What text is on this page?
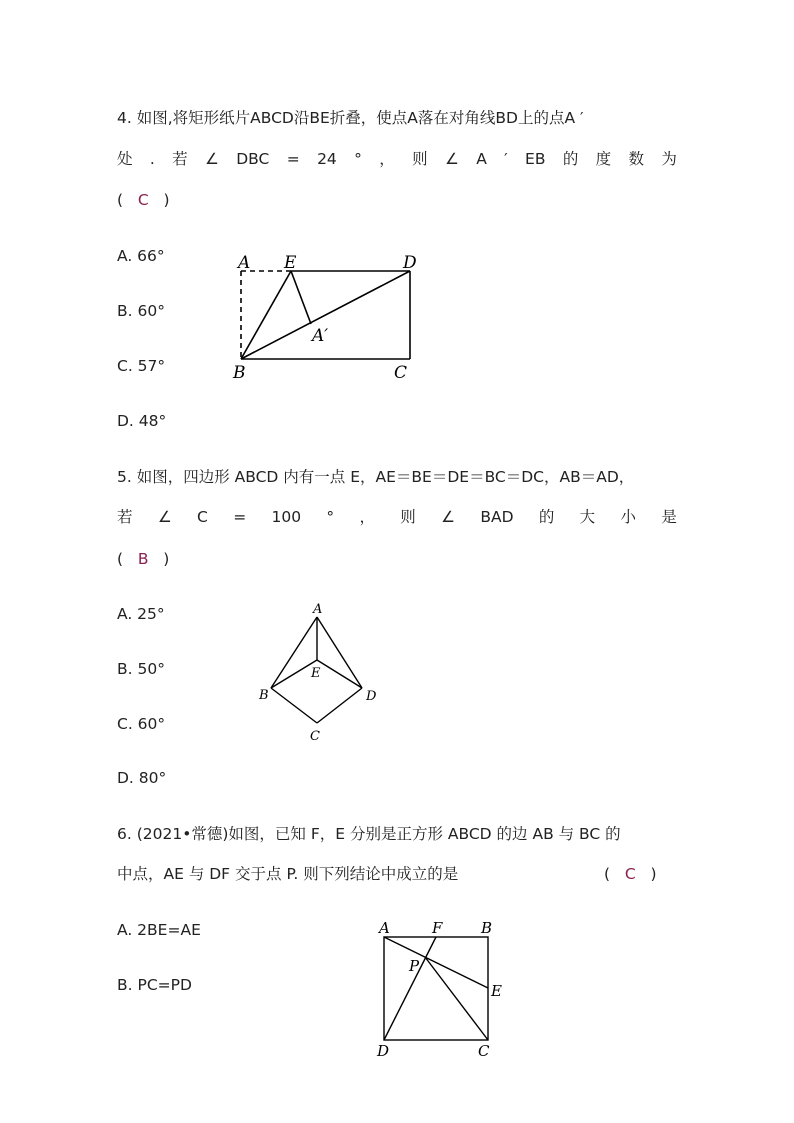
4. 如图,将矩形纸片ABCD沿BE折叠，使点A落在对角线BD上的点A ′
处 . 若 ∠ DBC = 24 ° ， 则 ∠ A ′ EB 的 度 数 为
( C )
A. 66°
B. 60°
C. 57°
D. 48°
A E	D
A′
B	C
5. 如图，四边形 ABCD 内有一点 E，AE＝BE＝DE＝BC＝DC，AB＝AD，
若 ∠ C = 100 ° ， 则 ∠ BAD 的 大 小 是
( B )
A. 25°
B. 50°
C. 60°
D. 80°
A
E
B	D
C
6. (2021•常德)如图，已知 F，E 分别是正方形 ABCD 的边 AB 与 BC 的
中点，AE 与 DF 交于点 P. 则下列结论中成立的是	( C )
A. 2BE=AE
B. PC=PD
A	F	B
P
E
D	C
